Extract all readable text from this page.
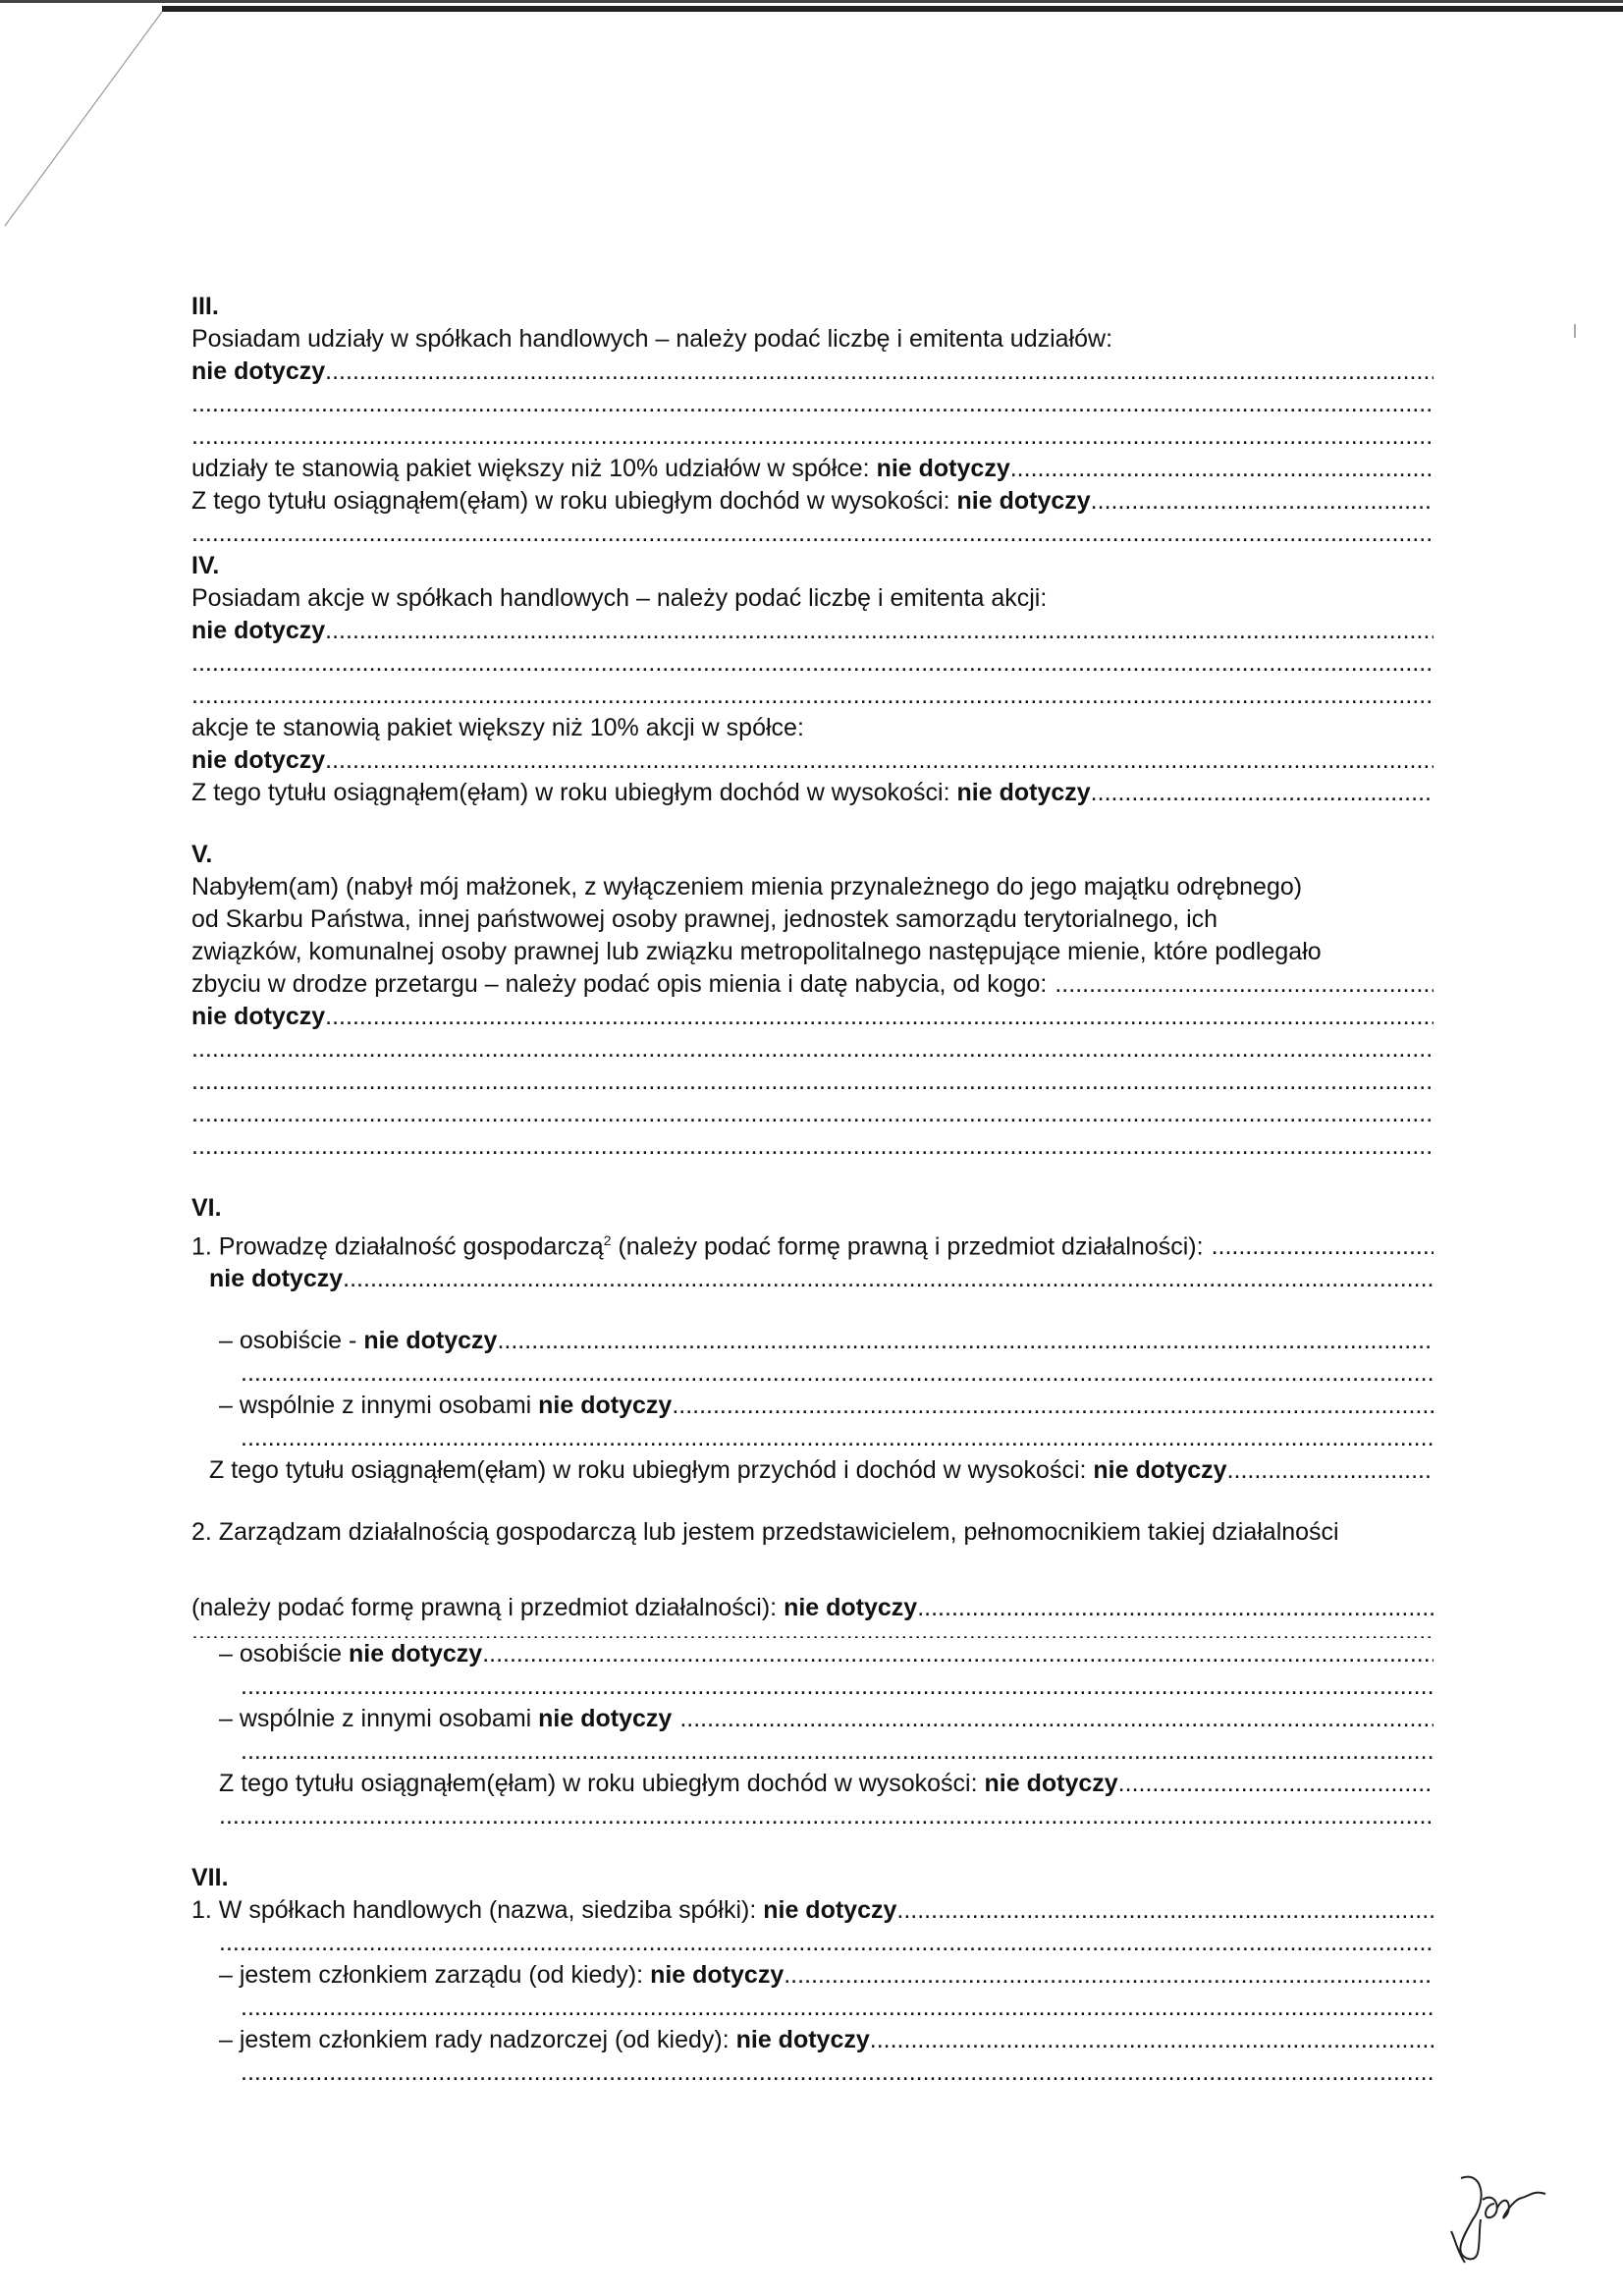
III.
Posiadam udziały w spółkach handlowych – należy podać liczbę i emitenta udziałów:
nie dotyczy
.....
.....
.....
udziały te stanowią pakiet większy niż 10% udziałów w spółce: nie dotyczy
.....
Z tego tytułu osiągnąłem(ęłam) w roku ubiegłym dochód w wysokości: nie dotyczy
.....
.....
IV.
Posiadam akcje w spółkach handlowych – należy podać liczbę i emitenta akcji:
nie dotyczy
.....
.....
.....
akcje te stanowią pakiet większy niż 10% akcji w spółce:
nie dotyczy
.....
Z tego tytułu osiągnąłem(ęłam) w roku ubiegłym dochód w wysokości: nie dotyczy
.....
V.
Nabyłem(am) (nabył mój małżonek, z wyłączeniem mienia przynależnego do jego majątku odrębnego)
od Skarbu Państwa, innej państwowej osoby prawnej, jednostek samorządu terytorialnego, ich
związków, komunalnej osoby prawnej lub związku metropolitalnego następujące mienie, które podlegało
zbyciu w drodze przetargu – należy podać opis mienia i datę nabycia, od kogo:
.....
nie dotyczy
.....
.....
.....
.....
.....
VI.
1. Prowadzę działalność gospodarczą$^2$ (należy podać formę prawną i przedmiot działalności):
.....
nie dotyczy
.....
– osobiście - nie dotyczy
.....
.....
– wspólnie z innymi osobami nie dotyczy
.....
.....
Z tego tytułu osiągnąłem(ęłam) w roku ubiegłym przychód i dochód w wysokości: nie dotyczy
.....
2. Zarządzam działalnością gospodarczą lub jestem przedstawicielem, pełnomocnikiem takiej działalności
(należy podać formę prawną i przedmiot działalności): nie dotyczy
.....
.....
– osobiście nie dotyczy
.....
.....
– wspólnie z innymi osobami nie dotyczy
.....
.....
Z tego tytułu osiągnąłem(ęłam) w roku ubiegłym dochód w wysokości: nie dotyczy
.....
.....
VII.
1. W spółkach handlowych (nazwa, siedziba spółki): nie dotyczy
.....
.....
– jestem członkiem zarządu (od kiedy): nie dotyczy
.....
.....
– jestem członkiem rady nadzorczej (od kiedy): nie dotyczy
.....
.....
